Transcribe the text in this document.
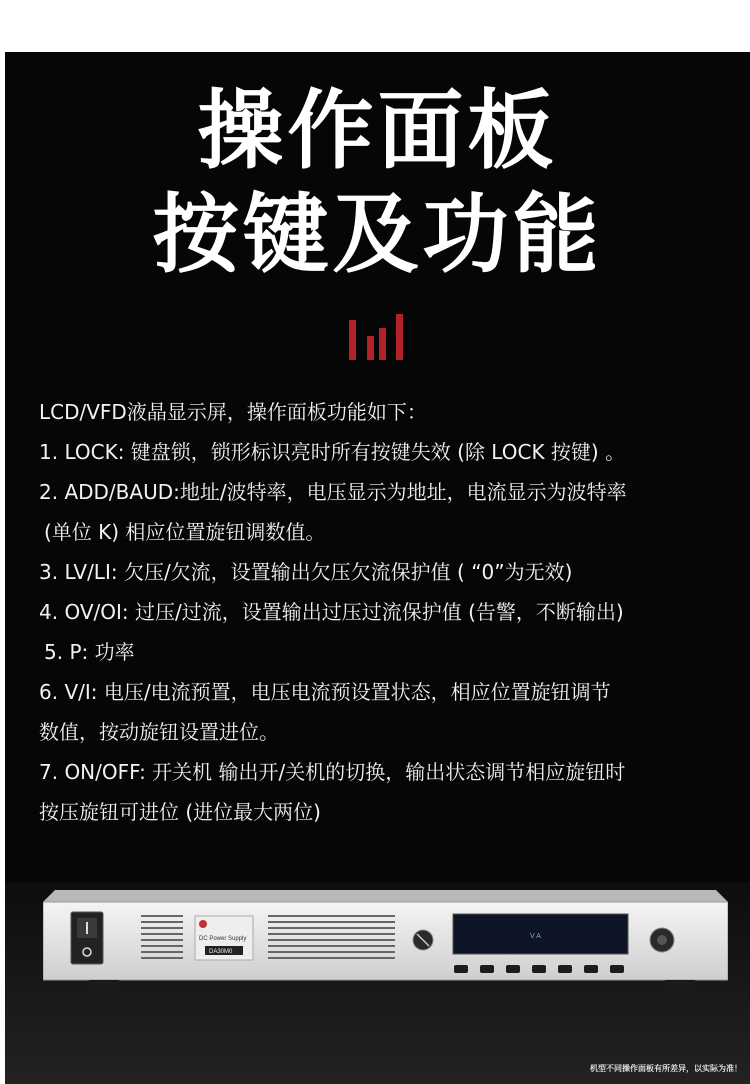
操作面板
按键及功能
LCD/VFD液晶显示屏，操作面板功能如下：
1. LOCK: 键盘锁，锁形标识亮时所有按键失效 (除 LOCK 按键) 。
2. ADD/BAUD:地址/波特率，电压显示为地址，电流显示为波特率
(单位 K) 相应位置旋钮调数值。
3. LV/LI: 欠压/欠流，设置输出欠压欠流保护值 ( “0”为无效)
4. OV/OI: 过压/过流，设置输出过压过流保护值 (告警，不断输出)
5. P: 功率
6. V/I: 电压/电流预置，电压电流预设置状态，相应位置旋钮调节
数值，按动旋钮设置进位。
7. ON/OFF: 开关机 输出开/关机的切换，输出状态调节相应旋钮时
按压旋钮可进位 (进位最大两位)
DC Power Supply
DA30M0
V A
机型不同操作面板有所差异，以实际为准！
